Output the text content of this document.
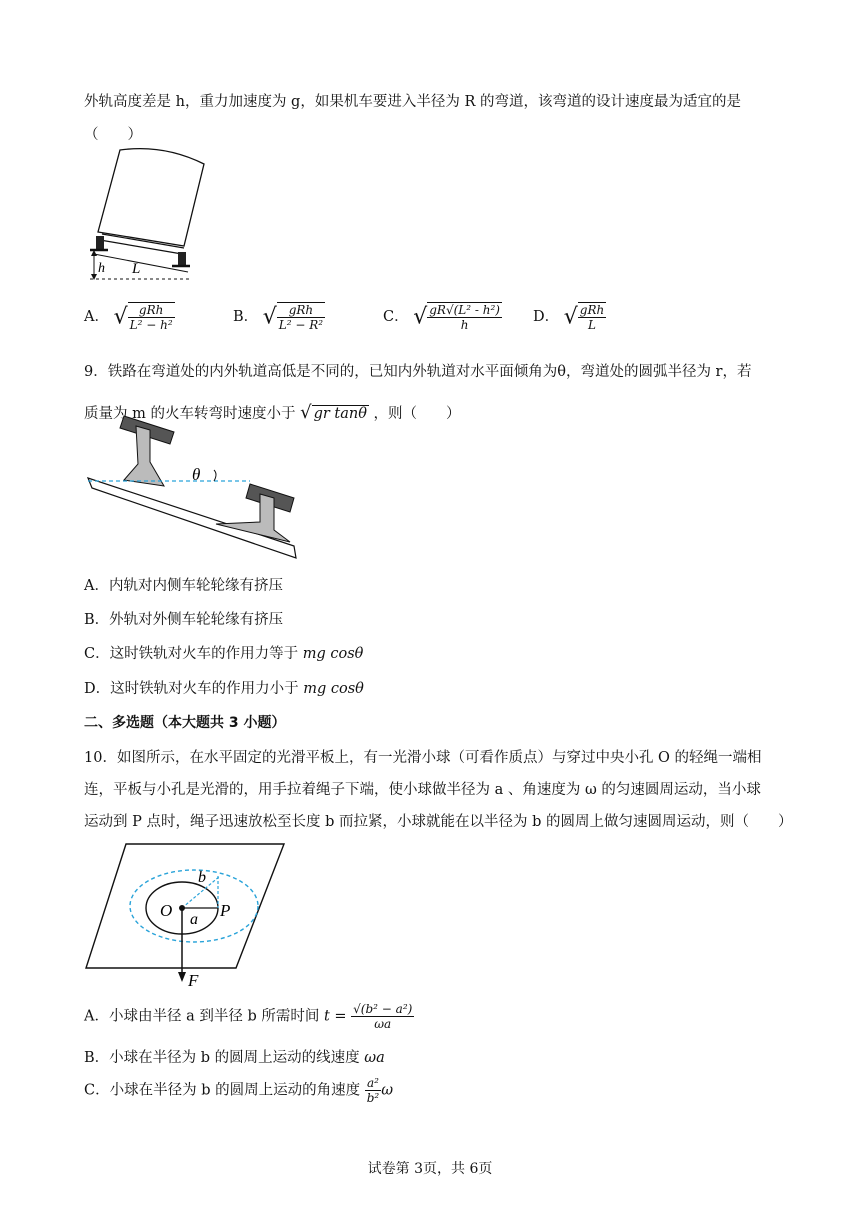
外轨高度差是 h，重力加速度为 g，如果机车要进入半径为 R 的弯道，该弯道的设计速度最为适宜的是
（　　）
h L
A． √ $\frac{\text{gRh}}{\text{L² − h²}}$	B． √ $\frac{\text{gRh}}{\text{L² − R²}}$	C． √ $\frac{\text{gR√(L² - h²)}}{h}$ D． √ $\frac{\text{gRh}}{L}$
9．铁路在弯道处的内外轨道高低是不同的，已知内外轨道对水平面倾角为θ，弯道处的圆弧半径为 r，若
质量为 m 的火车转弯时速度小于 √ gr tanθ ，则（　　）
θ
A．内轨对内侧车轮轮缘有挤压
B．外轨对外侧车轮轮缘有挤压
C．这时铁轨对火车的作用力等于 mg cosθ
D．这时铁轨对火车的作用力小于 mg cosθ
二、多选题（本大题共 3 小题）
10．如图所示，在水平固定的光滑平板上，有一光滑小球（可看作质点）与穿过中央小孔 O 的轻绳一端相
连，平板与小孔是光滑的，用手拉着绳子下端，使小球做半径为 a 、角速度为 ω 的匀速圆周运动，当小球
运动到 P 点时，绳子迅速放松至长度 b 而拉紧，小球就能在以半径为 b 的圆周上做匀速圆周运动，则（　　）
O a P
b
F
A．小球由半径 a 到半径 b 所需时间 $t = \frac{\text{√(b² − a²)}}{\omega a}$
B．小球在半径为 b 的圆周上运动的线速度 ωa
C．小球在半径为 b 的圆周上运动的角速度 $\frac{\text{a²}}{\text{b²}}$ ω
试卷第 3页，共 6页
